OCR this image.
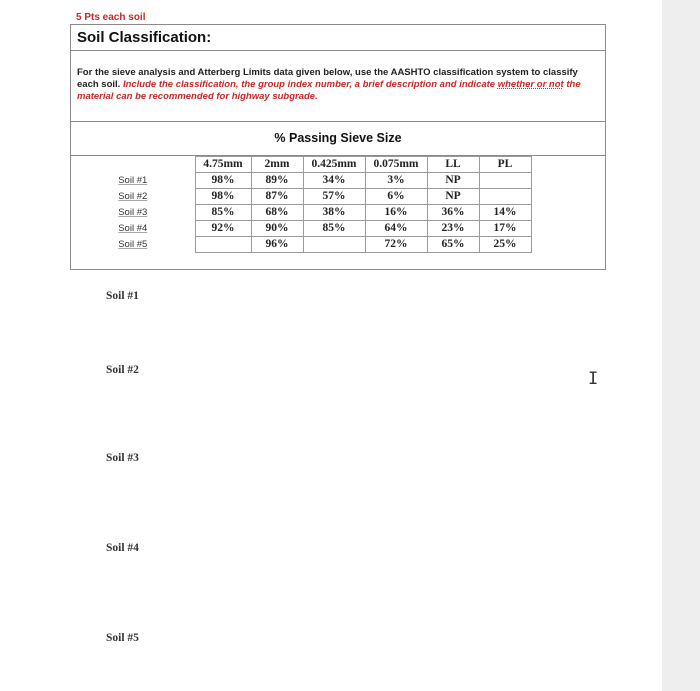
5 Pts each soil
Soil Classification:
For the sieve analysis and Atterberg Limits data given below, use the AASHTO classification system to classify each soil. Include the classification, the group index number, a brief description and indicate whether or not the material can be recommended for highway subgrade.
% Passing Sieve Size
	4.75mm	2mm	0.425mm	0.075mm	LL	PL	
Soil #1	98%	89%	34%	3%	NP		
Soil #2	98%	87%	57%	6%	NP		
Soil #3	85%	68%	38%	16%	36%	14%	
Soil #4	92%	90%	85%	64%	23%	17%	
Soil #5		96%		72%	65%	25%	
Soil #1
Soil #2
Soil #3
Soil #4
Soil #5
I
